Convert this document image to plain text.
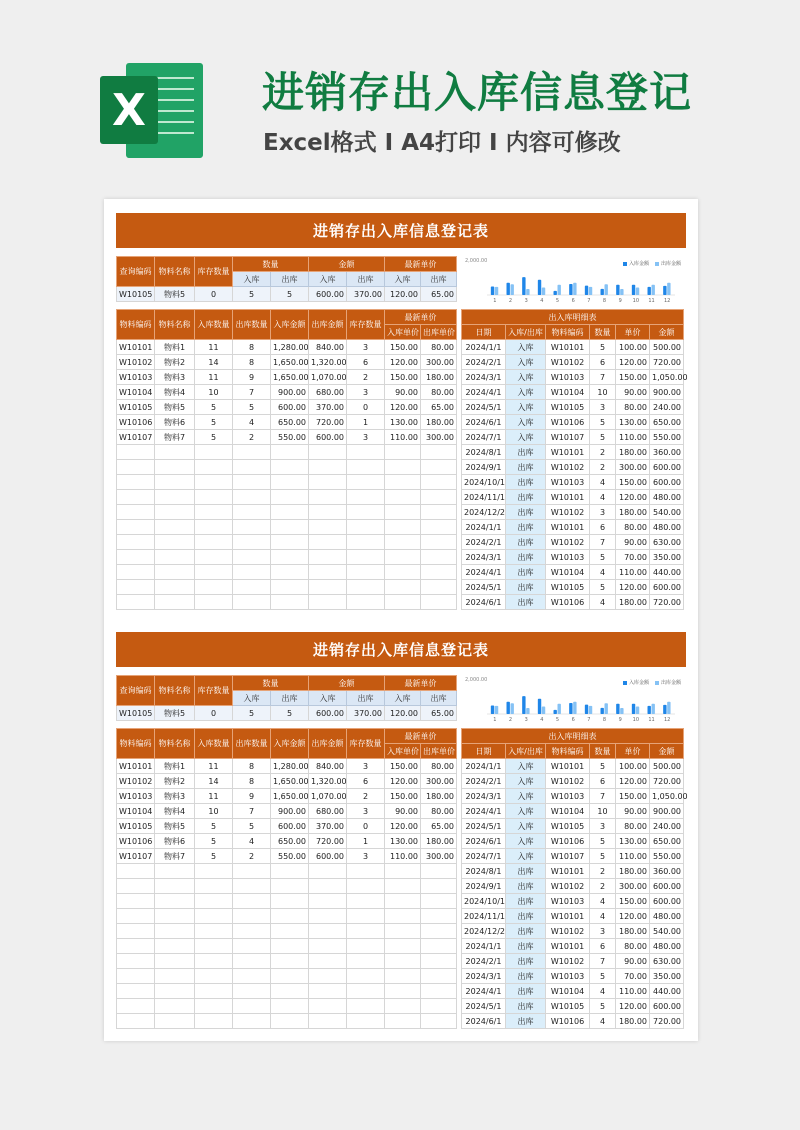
X	进销存出入库信息登记
Excel格式 I A4打印 I 内容可修改
进销存出入库信息登记表
查询编码	物料名称	库存数量	数量		金额		最新单价	
			入库	出库	入库	出库	入库	出库
W10105	物料5	0	5	5	600.00	370.00	120.00	65.00
2,000.00	入库金额 出库金额
1 2 3 4 5 6 7 8 9 10 11 12
物料编码	物料名称	入库数量	出库数量	入库金额	出库金额	库存数量	最新单价	
							入库单价	出库单价
W10101	物料1	11	8	1,280.00	840.00	3	150.00	80.00
W10102	物料2	14	8	1,650.00	1,320.00	6	120.00	300.00
W10103	物料3	11	9	1,650.00	1,070.00	2	150.00	180.00
W10104	物料4	10	7	900.00	680.00	3	90.00	80.00
W10105	物料5	5	5	600.00	370.00	0	120.00	65.00
W10106	物料6	5	4	650.00	720.00	1	130.00	180.00
W10107	物料7	5	2	550.00	600.00	3	110.00	300.00

出入库明细表					
日期	入库/出库	物料编码	数量	单价	金额
2024/1/1	入库	W10101	5	100.00	500.00
2024/2/1	入库	W10102	6	120.00	720.00
2024/3/1	入库	W10103	7	150.00	1,050.00
2024/4/1	入库	W10104	10	90.00	900.00
2024/5/1	入库	W10105	3	80.00	240.00
2024/6/1	入库	W10106	5	130.00	650.00
2024/7/1	入库	W10107	5	110.00	550.00
2024/8/1	出库	W10101	2	180.00	360.00
2024/9/1	出库	W10102	2	300.00	600.00
2024/10/1	出库	W10103	4	150.00	600.00
2024/11/1	出库	W10101	4	120.00	480.00
2024/12/2	出库	W10102	3	180.00	540.00
2024/1/1	出库	W10101	6	80.00	480.00
2024/2/1	出库	W10102	7	90.00	630.00
2024/3/1	出库	W10103	5	70.00	350.00
2024/4/1	出库	W10104	4	110.00	440.00
2024/5/1	出库	W10105	5	120.00	600.00
2024/6/1	出库	W10106	4	180.00	720.00
进销存出入库信息登记表
查询编码	物料名称	库存数量	数量		金额		最新单价	
			入库	出库	入库	出库	入库	出库
W10105	物料5	0	5	5	600.00	370.00	120.00	65.00
2,000.00	入库金额 出库金额
1 2 3 4 5 6 7 8 9 10 11 12
物料编码	物料名称	入库数量	出库数量	入库金额	出库金额	库存数量	最新单价	
							入库单价	出库单价
W10101	物料1	11	8	1,280.00	840.00	3	150.00	80.00
W10102	物料2	14	8	1,650.00	1,320.00	6	120.00	300.00
W10103	物料3	11	9	1,650.00	1,070.00	2	150.00	180.00
W10104	物料4	10	7	900.00	680.00	3	90.00	80.00
W10105	物料5	5	5	600.00	370.00	0	120.00	65.00
W10106	物料6	5	4	650.00	720.00	1	130.00	180.00
W10107	物料7	5	2	550.00	600.00	3	110.00	300.00

出入库明细表					
日期	入库/出库	物料编码	数量	单价	金额
2024/1/1	入库	W10101	5	100.00	500.00
2024/2/1	入库	W10102	6	120.00	720.00
2024/3/1	入库	W10103	7	150.00	1,050.00
2024/4/1	入库	W10104	10	90.00	900.00
2024/5/1	入库	W10105	3	80.00	240.00
2024/6/1	入库	W10106	5	130.00	650.00
2024/7/1	入库	W10107	5	110.00	550.00
2024/8/1	出库	W10101	2	180.00	360.00
2024/9/1	出库	W10102	2	300.00	600.00
2024/10/1	出库	W10103	4	150.00	600.00
2024/11/1	出库	W10101	4	120.00	480.00
2024/12/2	出库	W10102	3	180.00	540.00
2024/1/1	出库	W10101	6	80.00	480.00
2024/2/1	出库	W10102	7	90.00	630.00
2024/3/1	出库	W10103	5	70.00	350.00
2024/4/1	出库	W10104	4	110.00	440.00
2024/5/1	出库	W10105	5	120.00	600.00
2024/6/1	出库	W10106	4	180.00	720.00
